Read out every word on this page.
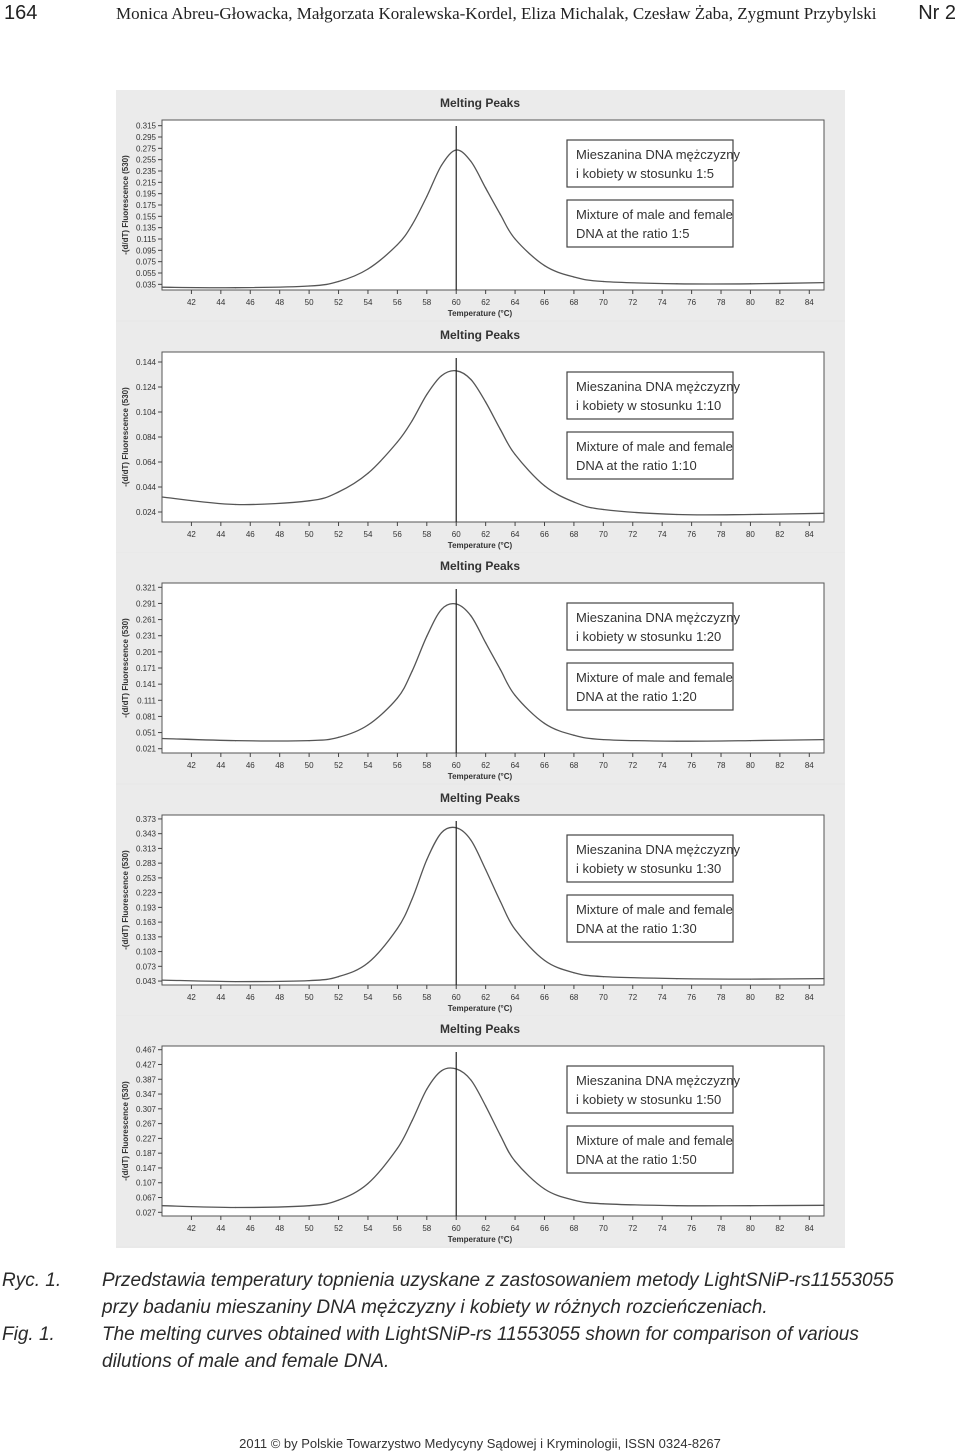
164	Monica Abreu-Głowacka, Małgorzata Koralewska-Kordel, Eliza Michalak, Czesław Żaba, Zygmunt Przybylski Nr 2
Melting Peaks
0.315
0.295
0.275
0.255
0.235
0.215
0.195
0.175
0.155
0.135
0.115
0.095
0.075
0.055
0.035
42	44	46	48	50	52	54	56	58	60	62	64	66	68	70	72	74	76	78	80	82	84
Temperature (°C)
-(d/dT) Fluorescence (530)
Mieszanina DNA mężczyzny
i kobiety w stosunku 1:5
Mixture of male and female
DNA at the ratio 1:5
Melting Peaks
0.144
0.124
0.104
0.084
0.064
0.044
0.024
42	44	46	48	50	52	54	56	58	60	62	64	66	68	70	72	74	76	78	80	82	84
Temperature (°C)
-(d/dT) Fluorescence (530)
Mieszanina DNA mężczyzny
i kobiety w stosunku 1:10
Mixture of male and female
DNA at the ratio 1:10
Melting Peaks
0.321
0.291
0.261
0.231
0.201
0.171
0.141
0.111
0.081
0.051
0.021
42	44	46	48	50	52	54	56	58	60	62	64	66	68	70	72	74	76	78	80	82	84
Temperature (°C)
-(d/dT) Fluorescence (530)
Mieszanina DNA mężczyzny
i kobiety w stosunku 1:20
Mixture of male and female
DNA at the ratio 1:20
Melting Peaks
0.373
0.343
0.313
0.283
0.253
0.223
0.193
0.163
0.133
0.103
0.073
0.043
42	44	46	48	50	52	54	56	58	60	62	64	66	68	70	72	74	76	78	80	82	84
Temperature (°C)
-(d/dT) Fluorescence (530)
Mieszanina DNA mężczyzny
i kobiety w stosunku 1:30
Mixture of male and female
DNA at the ratio 1:30
Melting Peaks
0.467
0.427
0.387
0.347
0.307
0.267
0.227
0.187
0.147
0.107
0.067
0.027
42	44	46	48	50	52	54	56	58	60	62	64	66	68	70	72	74	76	78	80	82	84
Temperature (°C)
-(d/dT) Fluorescence (530)
Mieszanina DNA mężczyzny
i kobiety w stosunku 1:50
Mixture of male and female
DNA at the ratio 1:50
Ryc. 1. Przedstawia temperatury topnienia uzyskane z zastosowaniem metody LightSNiP-rs11553055
przy badaniu mieszaniny DNA mężczyzny i kobiety w różnych rozcieńczeniach.
Fig. 1. The melting curves obtained with LightSNiP-rs 11553055 shown for comparison of various
dilutions of male and female DNA.
2011 © by Polskie Towarzystwo Medycyny Sądowej i Kryminologii, ISSN 0324-8267
